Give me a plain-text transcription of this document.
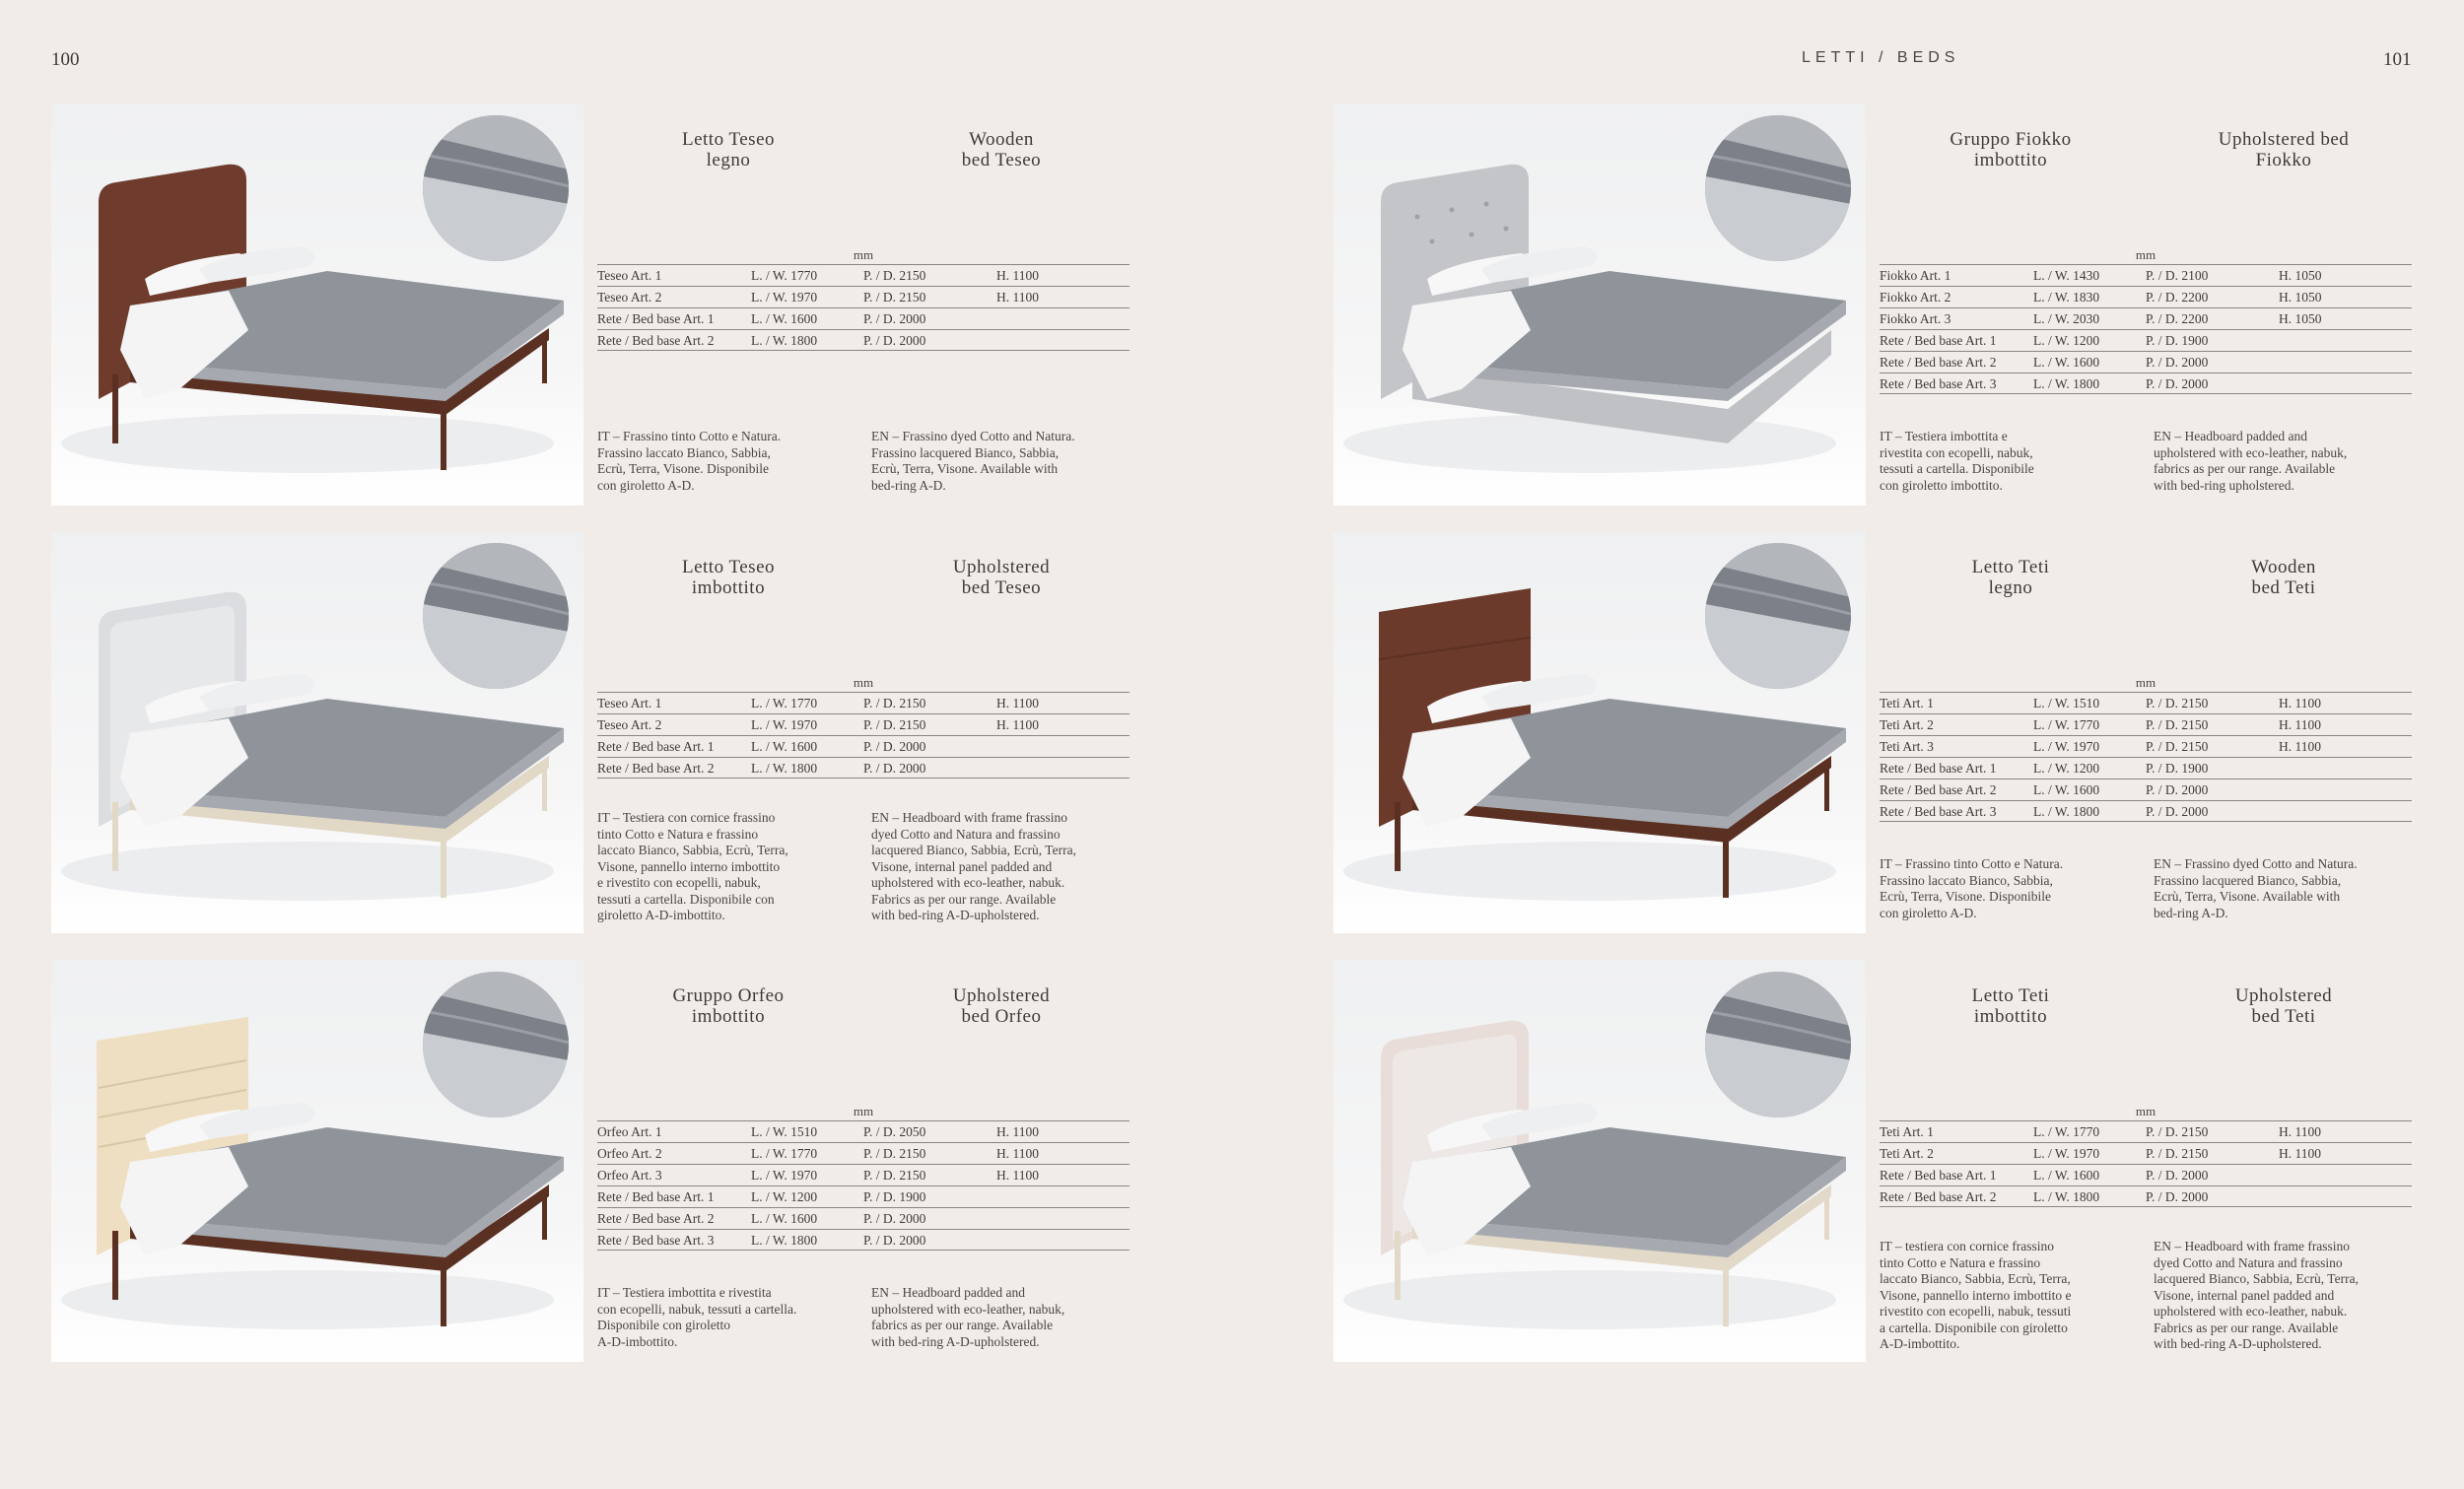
100	LETTI / BEDS	101
Letto Teseo
legno
Wooden
bed Teseo
mm
Teseo Art. 1	L. / W. 1770	P. / D. 2150	H. 1100
Teseo Art. 2	L. / W. 1970	P. / D. 2150	H. 1100
Rete / Bed base Art. 1	L. / W. 1600	P. / D. 2000
Rete / Bed base Art. 2	L. / W. 1800	P. / D. 2000
IT – Frassino tinto Cotto e Natura.
Frassino laccato Bianco, Sabbia,
Ecrù, Terra, Visone. Disponibile
con giroletto A-D.
EN – Frassino dyed Cotto and Natura.
Frassino lacquered Bianco, Sabbia,
Ecrù, Terra, Visone. Available with
bed-ring A-D.
Gruppo Fiokko
imbottito
Upholstered bed
Fiokko
mm
Fiokko Art. 1	L. / W. 1430	P. / D. 2100	H. 1050
Fiokko Art. 2	L. / W. 1830	P. / D. 2200	H. 1050
Fiokko Art. 3	L. / W. 2030	P. / D. 2200	H. 1050
Rete / Bed base Art. 1	L. / W. 1200	P. / D. 1900
Rete / Bed base Art. 2	L. / W. 1600	P. / D. 2000
Rete / Bed base Art. 3	L. / W. 1800	P. / D. 2000
IT – Testiera imbottita e
rivestita con ecopelli, nabuk,
tessuti a cartella. Disponibile
con giroletto imbottito.
EN – Headboard padded and
upholstered with eco-leather, nabuk,
fabrics as per our range. Available
with bed-ring upholstered.
Letto Teseo
imbottito
Upholstered
bed Teseo
mm
Teseo Art. 1	L. / W. 1770	P. / D. 2150	H. 1100
Teseo Art. 2	L. / W. 1970	P. / D. 2150	H. 1100
Rete / Bed base Art. 1	L. / W. 1600	P. / D. 2000
Rete / Bed base Art. 2	L. / W. 1800	P. / D. 2000
IT – Testiera con cornice frassino
tinto Cotto e Natura e frassino
laccato Bianco, Sabbia, Ecrù, Terra,
Visone, pannello interno imbottito
e rivestito con ecopelli, nabuk,
tessuti a cartella. Disponibile con
giroletto A-D-imbottito.
EN – Headboard with frame frassino
dyed Cotto and Natura and frassino
lacquered Bianco, Sabbia, Ecrù, Terra,
Visone, internal panel padded and
upholstered with eco-leather, nabuk.
Fabrics as per our range. Available
with bed-ring A-D-upholstered.
Letto Teti
legno
Wooden
bed Teti
mm
Teti Art. 1	L. / W. 1510	P. / D. 2150	H. 1100
Teti Art. 2	L. / W. 1770	P. / D. 2150	H. 1100
Teti Art. 3	L. / W. 1970	P. / D. 2150	H. 1100
Rete / Bed base Art. 1	L. / W. 1200	P. / D. 1900
Rete / Bed base Art. 2	L. / W. 1600	P. / D. 2000
Rete / Bed base Art. 3	L. / W. 1800	P. / D. 2000
IT – Frassino tinto Cotto e Natura.
Frassino laccato Bianco, Sabbia,
Ecrù, Terra, Visone. Disponibile
con giroletto A-D.
EN – Frassino dyed Cotto and Natura.
Frassino lacquered Bianco, Sabbia,
Ecrù, Terra, Visone. Available with
bed-ring A-D.
Gruppo Orfeo
imbottito
Upholstered
bed Orfeo
mm
Orfeo Art. 1	L. / W. 1510	P. / D. 2050	H. 1100
Orfeo Art. 2	L. / W. 1770	P. / D. 2150	H. 1100
Orfeo Art. 3	L. / W. 1970	P. / D. 2150	H. 1100
Rete / Bed base Art. 1	L. / W. 1200	P. / D. 1900
Rete / Bed base Art. 2	L. / W. 1600	P. / D. 2000
Rete / Bed base Art. 3	L. / W. 1800	P. / D. 2000
IT – Testiera imbottita e rivestita
con ecopelli, nabuk, tessuti a cartella.
Disponibile con giroletto
A-D-imbottito.
EN – Headboard padded and
upholstered with eco-leather, nabuk,
fabrics as per our range. Available
with bed-ring A-D-upholstered.
Letto Teti
imbottito
Upholstered
bed Teti
mm
Teti Art. 1	L. / W. 1770	P. / D. 2150	H. 1100
Teti Art. 2	L. / W. 1970	P. / D. 2150	H. 1100
Rete / Bed base Art. 1	L. / W. 1600	P. / D. 2000
Rete / Bed base Art. 2	L. / W. 1800	P. / D. 2000
IT – testiera con cornice frassino
tinto Cotto e Natura e frassino
laccato Bianco, Sabbia, Ecrù, Terra,
Visone, pannello interno imbottito e
rivestito con ecopelli, nabuk, tessuti
a cartella. Disponibile con giroletto
A-D-imbottito.
EN – Headboard with frame frassino
dyed Cotto and Natura and frassino
lacquered Bianco, Sabbia, Ecrù, Terra,
Visone, internal panel padded and
upholstered with eco-leather, nabuk.
Fabrics as per our range. Available
with bed-ring A-D-upholstered.
